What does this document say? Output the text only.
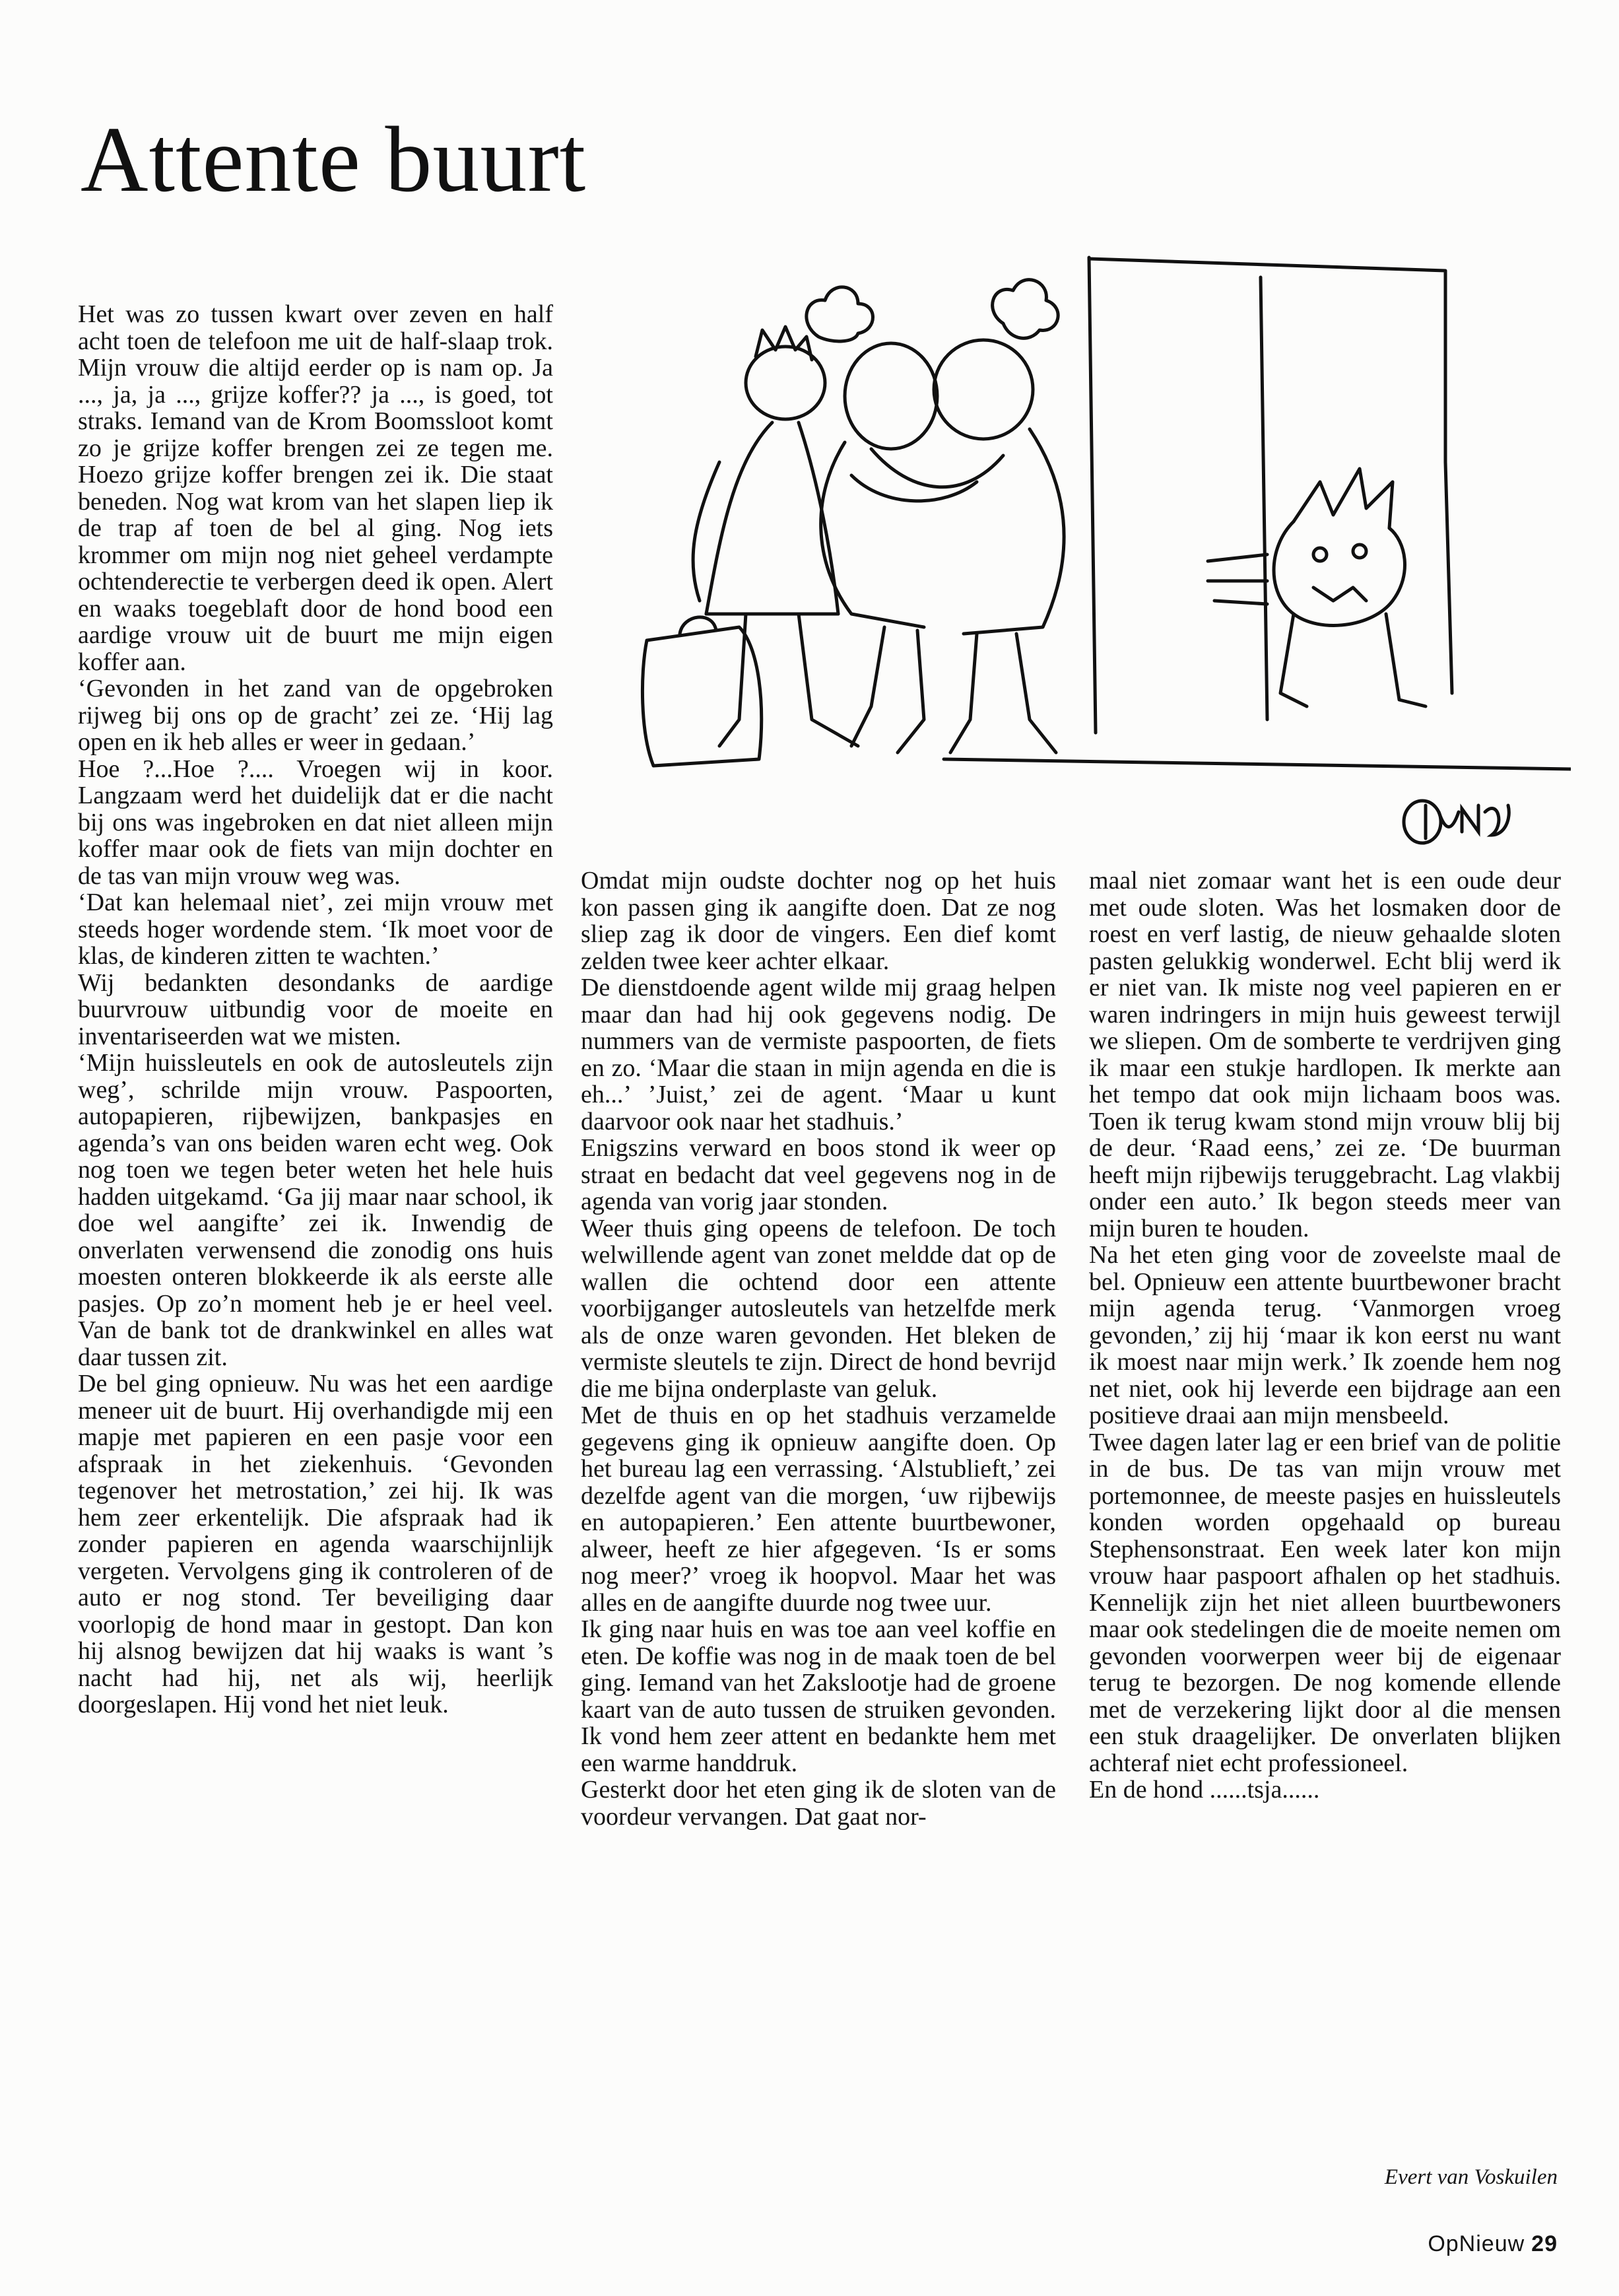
Attente buurt

Het was zo tussen kwart over zeven en half acht toen de telefoon me uit de half-slaap trok. Mijn vrouw die altijd eerder op is nam op. Ja ..., ja, ja ..., grijze koffer?? ja ..., is goed, tot straks. Iemand van de Krom Boomssloot komt zo je grijze koffer brengen zei ze tegen me. Hoezo grijze koffer brengen zei ik. Die staat beneden. Nog wat krom van het slapen liep ik de trap af toen de bel al ging. Nog iets krommer om mijn nog niet geheel verdampte ochtenderectie te verbergen deed ik open. Alert en waaks toegeblaft door de hond bood een aardige vrouw uit de buurt me mijn eigen koffer aan.

‘Gevonden in het zand van de opgebroken rijweg bij ons op de gracht’ zei ze. ‘Hij lag open en ik heb alles er weer in gedaan.’

Hoe ?...Hoe ?.... Vroegen wij in koor. Langzaam werd het duidelijk dat er die nacht bij ons was ingebroken en dat niet alleen mijn koffer maar ook de fiets van mijn dochter en de tas van mijn vrouw weg was.

‘Dat kan helemaal niet’, zei mijn vrouw met steeds hoger wordende stem. ‘Ik moet voor de klas, de kinderen zitten te wachten.’

Wij bedankten desondanks de aardige buurvrouw uitbundig voor de moeite en inventariseerden wat we misten.

‘Mijn huissleutels en ook de autosleutels zijn weg’, schrilde mijn vrouw. Paspoorten, autopapieren, rijbewijzen, bankpasjes en agenda’s van ons beiden waren echt weg. Ook nog toen we tegen beter weten het hele huis hadden uitgekamd. ‘Ga jij maar naar school, ik doe wel aangifte’ zei ik. Inwendig de onverlaten verwensend die zonodig ons huis moesten onteren blokkeerde ik als eerste alle pasjes. Op zo’n moment heb je er heel veel. Van de bank tot de drankwinkel en alles wat daar tussen zit.

De bel ging opnieuw. Nu was het een aardige meneer uit de buurt. Hij overhandigde mij een mapje met papieren en een pasje voor een afspraak in het ziekenhuis. ‘Gevonden tegenover het metrostation,’ zei hij. Ik was hem zeer erkentelijk. Die afspraak had ik zonder papieren en agenda waarschijnlijk vergeten. Vervolgens ging ik controleren of de auto er nog stond. Ter beveiliging daar voorlopig de hond maar in gestopt. Dan kon hij alsnog bewijzen dat hij waaks is want ’s nacht had hij, net als wij, heerlijk doorgeslapen. Hij vond het niet leuk.

Omdat mijn oudste dochter nog op het huis kon passen ging ik aangifte doen. Dat ze nog sliep zag ik door de vingers. Een dief komt zelden twee keer achter elkaar.

De dienstdoende agent wilde mij graag helpen maar dan had hij ook gegevens nodig. De nummers van de vermiste paspoorten, de fiets en zo. ‘Maar die staan in mijn agenda en die is eh...’ ’Juist,’ zei de agent. ‘Maar u kunt daarvoor ook naar het stadhuis.’

Enigszins verward en boos stond ik weer op straat en bedacht dat veel gegevens nog in de agenda van vorig jaar stonden.

Weer thuis ging opeens de telefoon. De toch welwillende agent van zonet meldde dat op de wallen die ochtend door een attente voorbijganger autosleutels van hetzelfde merk als de onze waren gevonden. Het bleken de vermiste sleutels te zijn. Direct de hond bevrijd die me bijna onderplaste van geluk.

Met de thuis en op het stadhuis verzamelde gegevens ging ik opnieuw aangifte doen. Op het bureau lag een verrassing. ‘Alstublieft,’ zei dezelfde agent van die morgen, ‘uw rijbewijs en autopapieren.’ Een attente buurtbewoner, alweer, heeft ze hier afgegeven. ‘Is er soms nog meer?’ vroeg ik hoopvol. Maar het was alles en de aangifte duurde nog twee uur.

Ik ging naar huis en was toe aan veel koffie en eten. De koffie was nog in de maak toen de bel ging. Iemand van het Zakslootje had de groene kaart van de auto tussen de struiken gevonden. Ik vond hem zeer attent en bedankte hem met een warme handdruk.

Gesterkt door het eten ging ik de sloten van de voordeur vervangen. Dat gaat nor-

maal niet zomaar want het is een oude deur met oude sloten. Was het losmaken door de roest en verf lastig, de nieuw gehaalde sloten pasten gelukkig wonderwel. Echt blij werd ik er niet van. Ik miste nog veel papieren en er waren indringers in mijn huis geweest terwijl we sliepen. Om de somberte te verdrijven ging ik maar een stukje hardlopen. Ik merkte aan het tempo dat ook mijn lichaam boos was. Toen ik terug kwam stond mijn vrouw blij bij de deur. ‘Raad eens,’ zei ze. ‘De buurman heeft mijn rijbewijs teruggebracht. Lag vlakbij onder een auto.’ Ik begon steeds meer van mijn buren te houden.

Na het eten ging voor de zoveelste maal de bel. Opnieuw een attente buurtbewoner bracht mijn agenda terug. ‘Vanmorgen vroeg gevonden,’ zij hij ‘maar ik kon eerst nu want ik moest naar mijn werk.’ Ik zoende hem nog net niet, ook hij leverde een bijdrage aan een positieve draai aan mijn mensbeeld.

Twee dagen later lag er een brief van de politie in de bus. De tas van mijn vrouw met portemonnee, de meeste pasjes en huissleutels konden worden opgehaald op bureau Stephensonstraat. Een week later kon mijn vrouw haar paspoort afhalen op het stadhuis. Kennelijk zijn het niet alleen buurtbewoners maar ook stedelingen die de moeite nemen om gevonden voorwerpen weer bij de eigenaar terug te bezorgen. De nog komende ellende met de verzekering lijkt door al die mensen een stuk draagelijker. De onverlaten blijken achteraf niet echt professioneel.

En de hond ......tsja......

Evert van Voskuilen
OpNieuw 29
